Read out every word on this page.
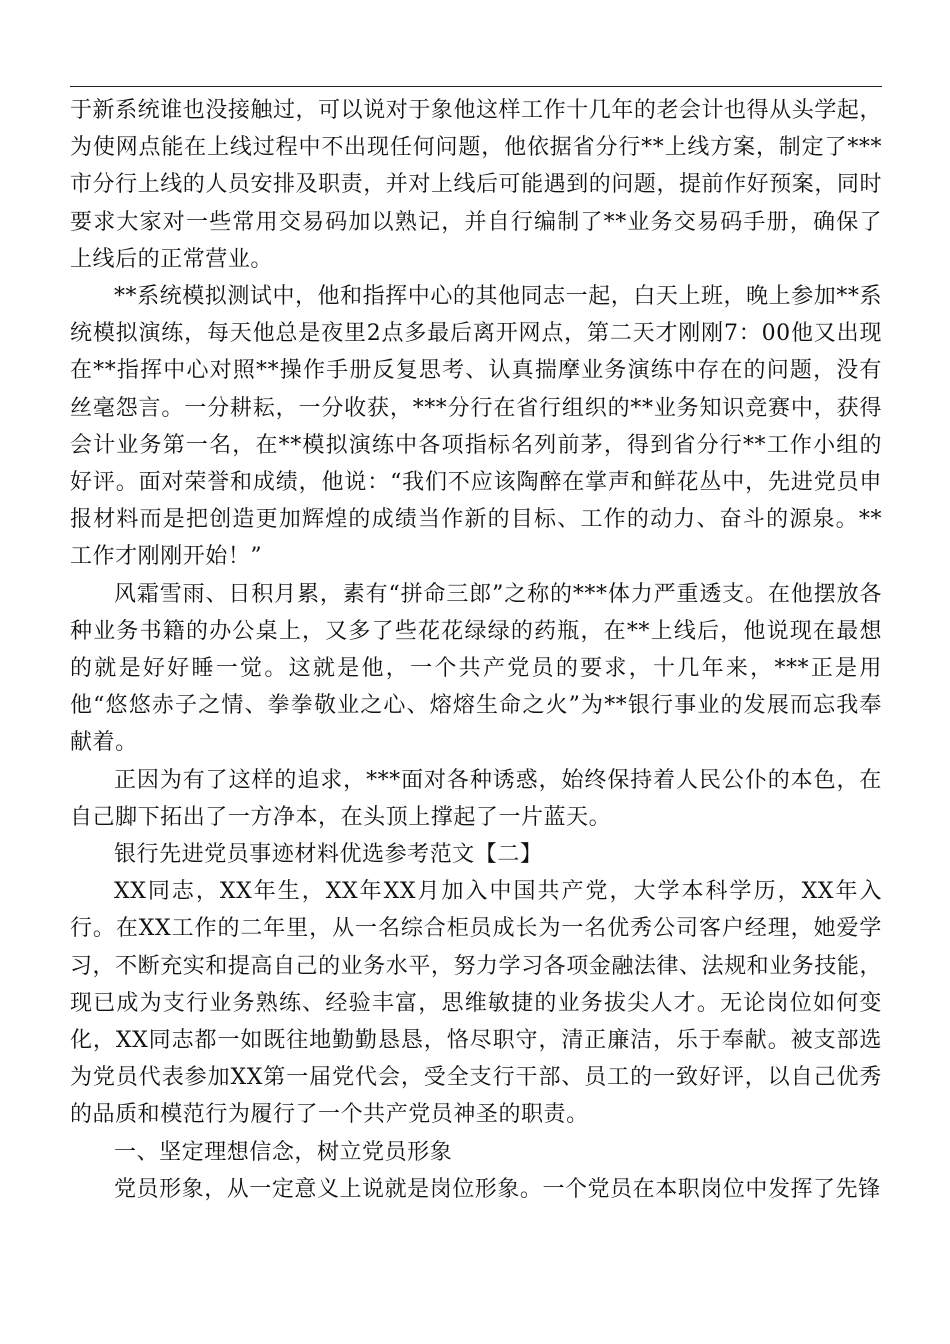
于新系统谁也没接触过，可以说对于象他这样工作十几年的老会计也得从头学起，为使网点能在上线过程中不出现任何问题，他依据省分行**上线方案，制定了***市分行上线的人员安排及职责，并对上线后可能遇到的问题，提前作好预案，同时要求大家对一些常用交易码加以熟记，并自行编制了**业务交易码手册，确保了上线后的正常营业。

**系统模拟测试中，他和指挥中心的其他同志一起，白天上班，晚上参加**系统模拟演练，每天他总是夜里2点多最后离开网点，第二天才刚刚7：00他又出现在**指挥中心对照**操作手册反复思考、认真揣摩业务演练中存在的问题，没有丝毫怨言。一分耕耘，一分收获，***分行在省行组织的**业务知识竞赛中，获得会计业务第一名，在**模拟演练中各项指标名列前茅，得到省分行**工作小组的好评。面对荣誉和成绩，他说：“我们不应该陶醉在掌声和鲜花丛中，先进党员申报材料而是把创造更加辉煌的成绩当作新的目标、工作的动力、奋斗的源泉。**工作才刚刚开始！”

风霜雪雨、日积月累，素有“拼命三郎”之称的***体力严重透支。在他摆放各种业务书籍的办公桌上，又多了些花花绿绿的药瓶，在**上线后，他说现在最想的就是好好睡一觉。这就是他，一个共产党员的要求，十几年来，***正是用他“悠悠赤子之情、拳拳敬业之心、熔熔生命之火”为**银行事业的发展而忘我奉献着。

正因为有了这样的追求，***面对各种诱惑，始终保持着人民公仆的本色，在自己脚下拓出了一方净本，在头顶上撑起了一片蓝天。

银行先进党员事迹材料优选参考范文【二】

XX同志，XX年生，XX年XX月加入中国共产党，大学本科学历，XX年入行。在XX工作的二年里，从一名综合柜员成长为一名优秀公司客户经理，她爱学习，不断充实和提高自己的业务水平，努力学习各项金融法律、法规和业务技能，现已成为支行业务熟练、经验丰富，思维敏捷的业务拔尖人才。无论岗位如何变化，XX同志都一如既往地勤勤恳恳，恪尽职守，清正廉洁，乐于奉献。被支部选为党员代表参加XX第一届党代会，受全支行干部、员工的一致好评，以自己优秀的品质和模范行为履行了一个共产党员神圣的职责。

一、坚定理想信念，树立党员形象

党员形象，从一定意义上说就是岗位形象。一个党员在本职岗位中发挥了先锋
